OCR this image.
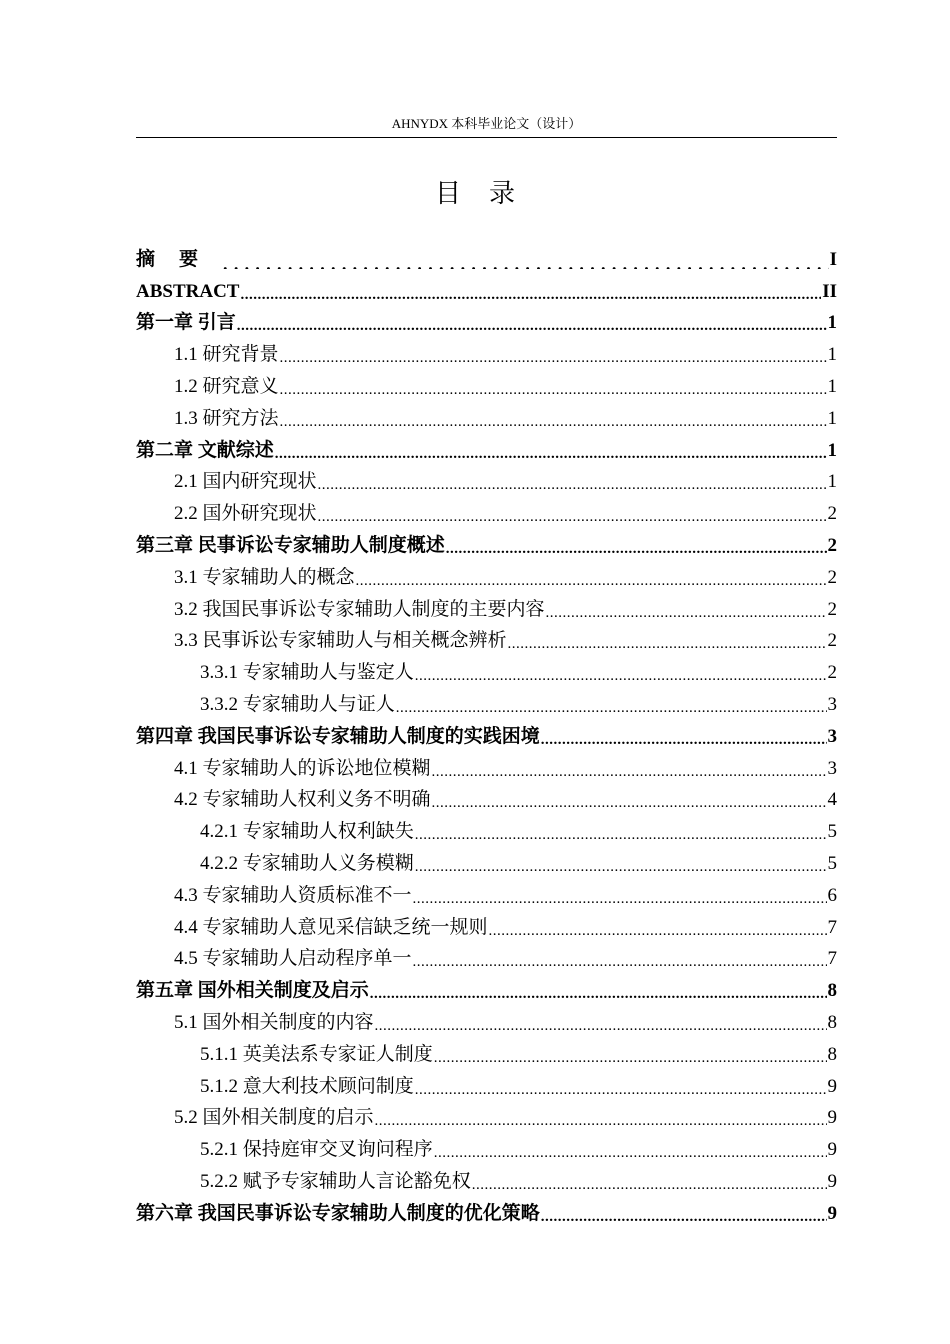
AHNYDX 本科毕业论文（设计）
目录
摘要 .....	I
ABSTRACT .....	II
第一章 引言 .....	1
1.1 研究背景 .....	1
1.2 研究意义 .....	1
1.3 研究方法 .....	1
第二章 文献综述 .....	1
2.1 国内研究现状 .....	1
2.2 国外研究现状 .....	2
第三章 民事诉讼专家辅助人制度概述 .....	2
3.1 专家辅助人的概念 .....	2
3.2 我国民事诉讼专家辅助人制度的主要内容 .....	2
3.3 民事诉讼专家辅助人与相关概念辨析 .....	2
3.3.1 专家辅助人与鉴定人 .....	2
3.3.2 专家辅助人与证人 .....	3
第四章 我国民事诉讼专家辅助人制度的实践困境 .....	3
4.1 专家辅助人的诉讼地位模糊 .....	3
4.2 专家辅助人权利义务不明确 .....	4
4.2.1 专家辅助人权利缺失 .....	5
4.2.2 专家辅助人义务模糊 .....	5
4.3 专家辅助人资质标准不一 .....	6
4.4 专家辅助人意见采信缺乏统一规则 .....	7
4.5 专家辅助人启动程序单一 .....	7
第五章 国外相关制度及启示 .....	8
5.1 国外相关制度的内容 .....	8
5.1.1 英美法系专家证人制度 .....	8
5.1.2 意大利技术顾问制度 .....	9
5.2 国外相关制度的启示 .....	9
5.2.1 保持庭审交叉询问程序 .....	9
5.2.2 赋予专家辅助人言论豁免权 .....	9
第六章 我国民事诉讼专家辅助人制度的优化策略 .....	9
